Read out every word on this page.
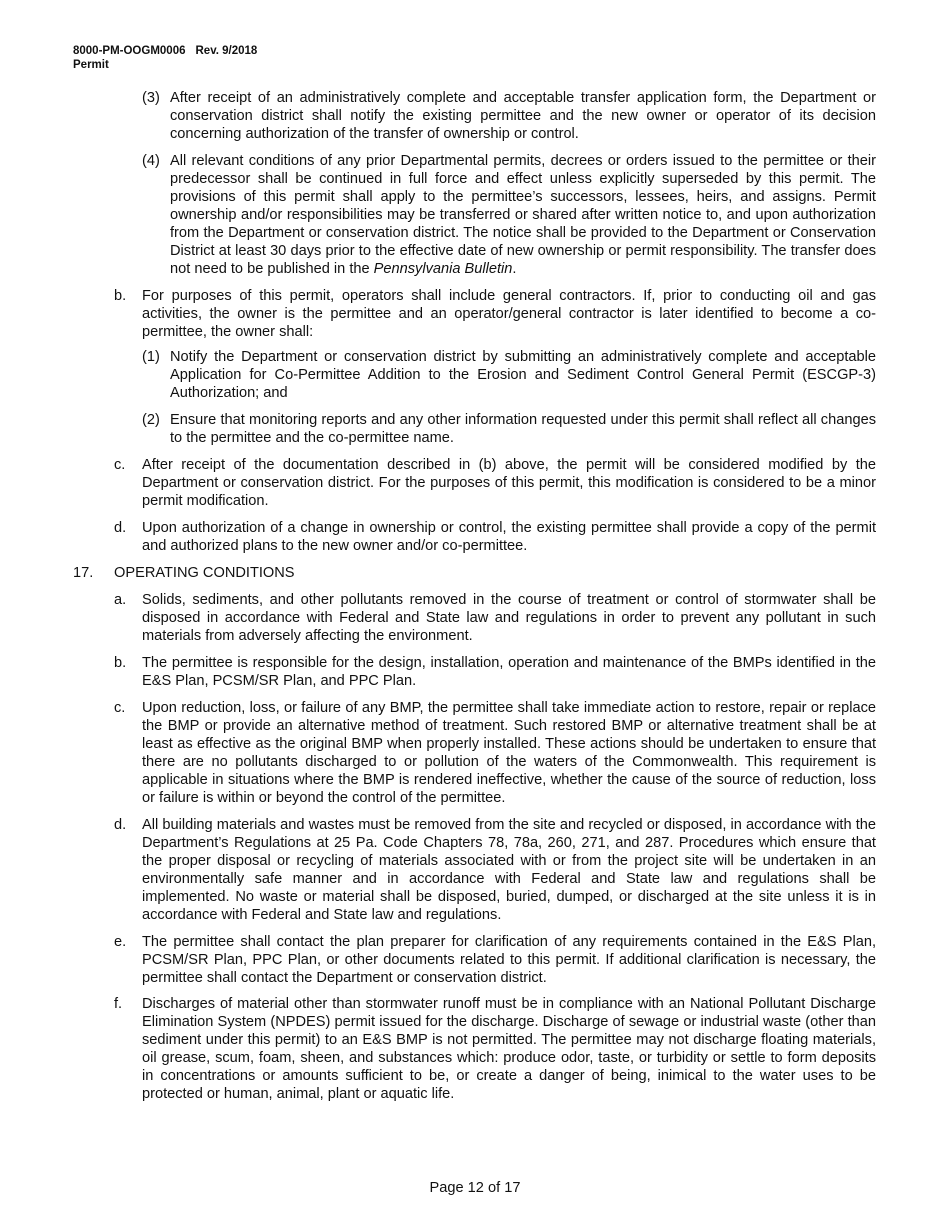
8000-PM-OOGM0006 Rev. 9/2018
Permit
(3) After receipt of an administratively complete and acceptable transfer application form, the Department or conservation district shall notify the existing permittee and the new owner or operator of its decision concerning authorization of the transfer of ownership or control.
(4) All relevant conditions of any prior Departmental permits, decrees or orders issued to the permittee or their predecessor shall be continued in full force and effect unless explicitly superseded by this permit. The provisions of this permit shall apply to the permittee’s successors, lessees, heirs, and assigns. Permit ownership and/or responsibilities may be transferred or shared after written notice to, and upon authorization from the Department or conservation district. The notice shall be provided to the Department or Conservation District at least 30 days prior to the effective date of new ownership or permit responsibility. The transfer does not need to be published in the Pennsylvania Bulletin.
b. For purposes of this permit, operators shall include general contractors. If, prior to conducting oil and gas activities, the owner is the permittee and an operator/general contractor is later identified to become a co-permittee, the owner shall:
(1) Notify the Department or conservation district by submitting an administratively complete and acceptable Application for Co-Permittee Addition to the Erosion and Sediment Control General Permit (ESCGP-3) Authorization; and
(2) Ensure that monitoring reports and any other information requested under this permit shall reflect all changes to the permittee and the co-permittee name.
c. After receipt of the documentation described in (b) above, the permit will be considered modified by the Department or conservation district. For the purposes of this permit, this modification is considered to be a minor permit modification.
d. Upon authorization of a change in ownership or control, the existing permittee shall provide a copy of the permit and authorized plans to the new owner and/or co-permittee.
17. OPERATING CONDITIONS
a. Solids, sediments, and other pollutants removed in the course of treatment or control of stormwater shall be disposed in accordance with Federal and State law and regulations in order to prevent any pollutant in such materials from adversely affecting the environment.
b. The permittee is responsible for the design, installation, operation and maintenance of the BMPs identified in the E&S Plan, PCSM/SR Plan, and PPC Plan.
c. Upon reduction, loss, or failure of any BMP, the permittee shall take immediate action to restore, repair or replace the BMP or provide an alternative method of treatment. Such restored BMP or alternative treatment shall be at least as effective as the original BMP when properly installed. These actions should be undertaken to ensure that there are no pollutants discharged to or pollution of the waters of the Commonwealth. This requirement is applicable in situations where the BMP is rendered ineffective, whether the cause of the source of reduction, loss or failure is within or beyond the control of the permittee.
d. All building materials and wastes must be removed from the site and recycled or disposed, in accordance with the Department’s Regulations at 25 Pa. Code Chapters 78, 78a, 260, 271, and 287. Procedures which ensure that the proper disposal or recycling of materials associated with or from the project site will be undertaken in an environmentally safe manner and in accordance with Federal and State law and regulations shall be implemented. No waste or material shall be disposed, buried, dumped, or discharged at the site unless it is in accordance with Federal and State law and regulations.
e. The permittee shall contact the plan preparer for clarification of any requirements contained in the E&S Plan, PCSM/SR Plan, PPC Plan, or other documents related to this permit. If additional clarification is necessary, the permittee shall contact the Department or conservation district.
f. Discharges of material other than stormwater runoff must be in compliance with an National Pollutant Discharge Elimination System (NPDES) permit issued for the discharge. Discharge of sewage or industrial waste (other than sediment under this permit) to an E&S BMP is not permitted. The permittee may not discharge floating materials, oil grease, scum, foam, sheen, and substances which: produce odor, taste, or turbidity or settle to form deposits in concentrations or amounts sufficient to be, or create a danger of being, inimical to the water uses to be protected or human, animal, plant or aquatic life.
Page 12 of 17
